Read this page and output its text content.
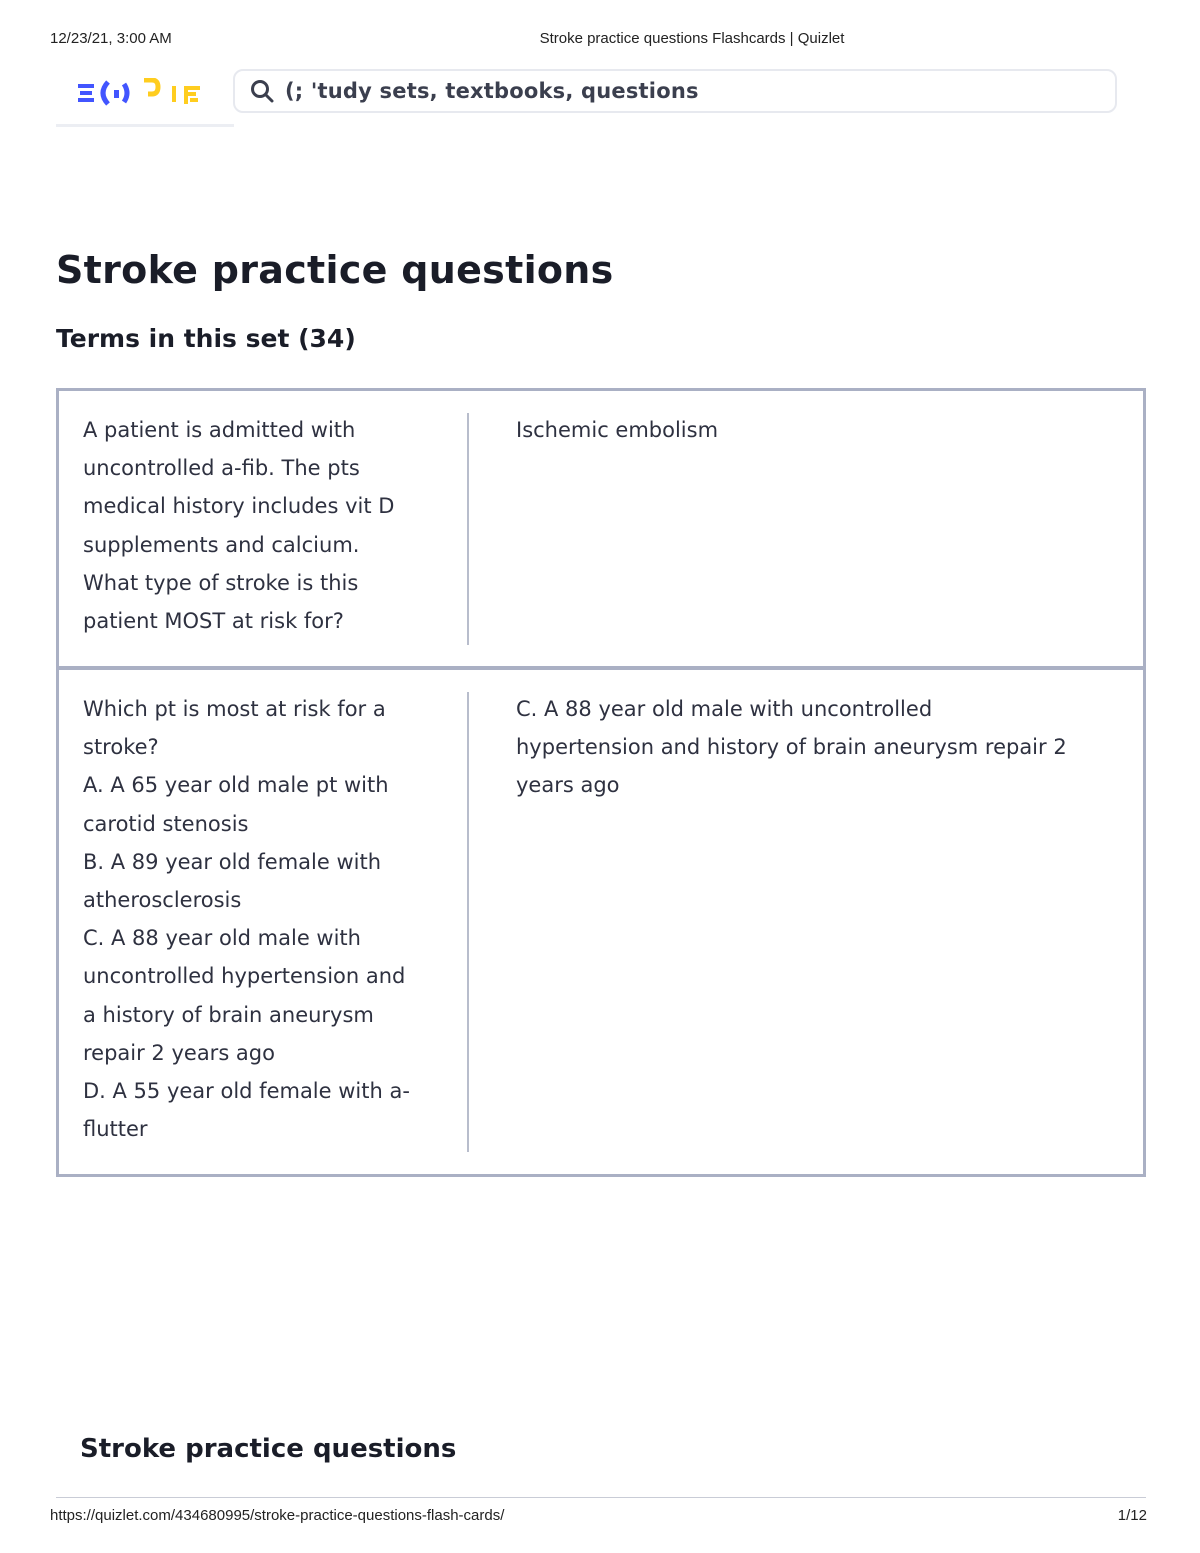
12/23/21, 3:00 AM	Stroke practice questions Flashcards | Quizlet
(; 'tudy sets, textbooks, questions
Stroke practice questions
Terms in this set (34)
A patient is admitted with
uncontrolled a-fib. The pts
medical history includes vit D
supplements and calcium.
What type of stroke is this
patient MOST at risk for?
Ischemic embolism
Which pt is most at risk for a
stroke?
A. A 65 year old male pt with
carotid stenosis
B. A 89 year old female with
atherosclerosis
C. A 88 year old male with
uncontrolled hypertension and
a history of brain aneurysm
repair 2 years ago
D. A 55 year old female with a-
flutter
C. A 88 year old male with uncontrolled
hypertension and history of brain aneurysm repair 2
years ago
Stroke practice questions
https://quizlet.com/434680995/stroke-practice-questions-flash-cards/	1/12
